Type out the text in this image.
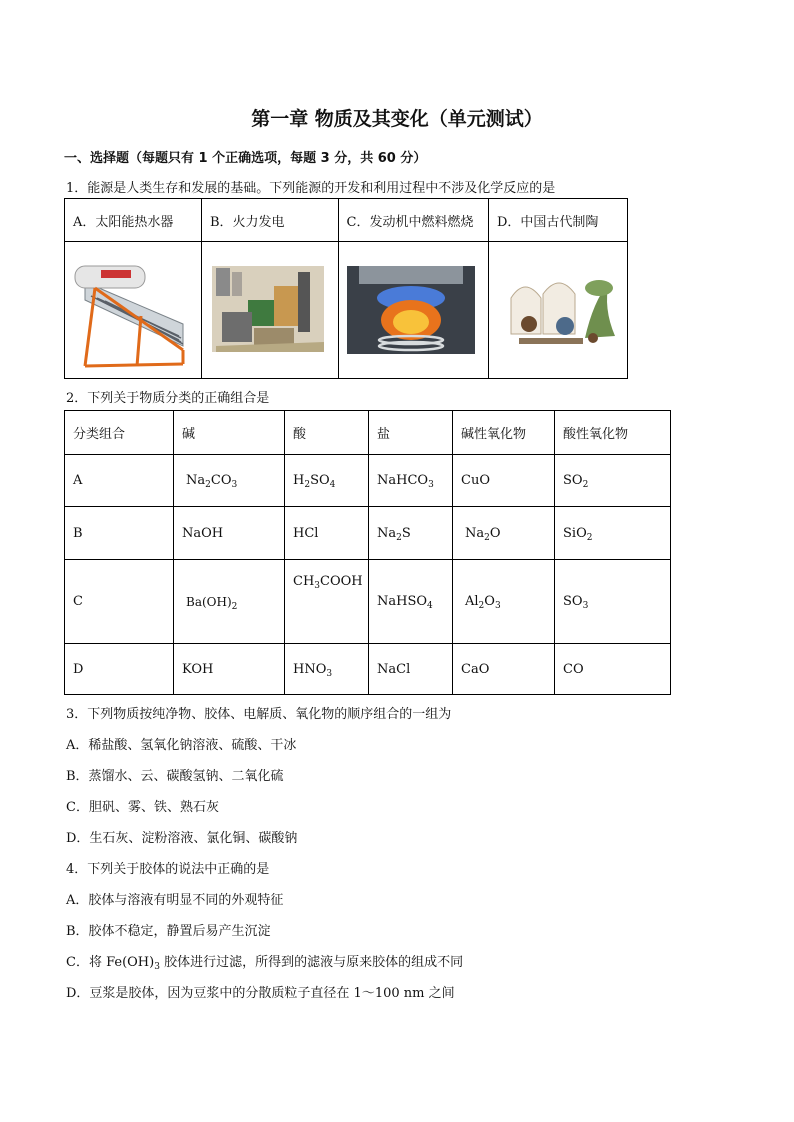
第一章 物质及其变化（单元测试）
一、选择题（每题只有 1 个正确选项，每题 3 分，共 60 分）
1．能源是人类生存和发展的基础。下列能源的开发和利用过程中不涉及化学反应的是
A．太阳能热水器	B．火力发电	C．发动机中燃料燃烧	D．中国古代制陶

2．下列关于物质分类的正确组合是
分类组合	碱	酸	盐	碱性氧化物	酸性氧化物
A	$Na_2CO_3$	$H_2SO_4$	NaHCO$_3$	CuO	$SO_2$
B	NaOH	HCl	$Na_2S$	$Na_2O$	SiO$_2$
C	$Ba(OH)_2$	$CH_3COOH$	NaHSO$_4$	$Al_2O_3$	$SO_3$
D	KOH	$HNO_3$	NaCl	CaO	CO
3．下列物质按纯净物、胶体、电解质、氧化物的顺序组合的一组为
A．稀盐酸、氢氧化钠溶液、硫酸、干冰
B．蒸馏水、云、碳酸氢钠、二氧化硫
C．胆矾、雾、铁、熟石灰
D．生石灰、淀粉溶液、氯化铜、碳酸钠
4．下列关于胶体的说法中正确的是
A．胶体与溶液有明显不同的外观特征
B．胶体不稳定，静置后易产生沉淀
C．将 $Fe(OH)_3$ 胶体进行过滤，所得到的滤液与原来胶体的组成不同
D．豆浆是胶体，因为豆浆中的分散质粒子直径在 1～100 nm 之间
